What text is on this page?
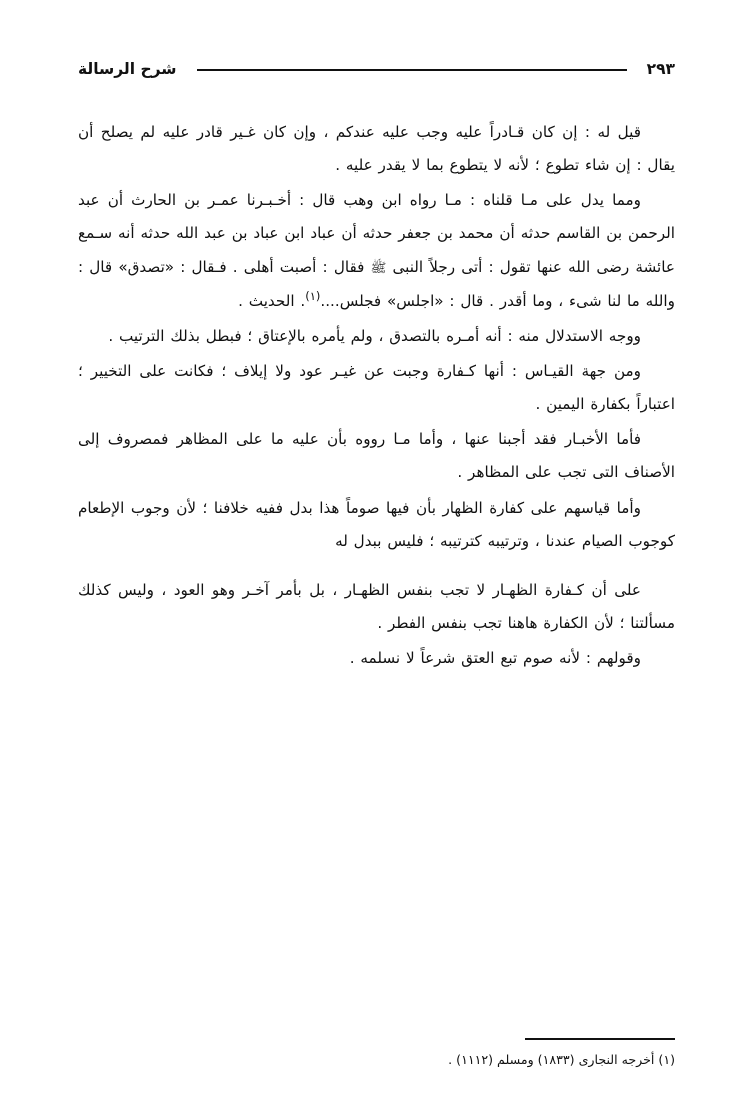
شرح الرسالة	٢٩٣

قيل له : إن كان قـادراً عليه وجب عليه عندكم ، وإن كان غـير قادر عليه لم يصلح أن يقال : إن شاء تطوع ؛ لأنه لا يتطوع بما لا يقدر عليه .

ومما يدل على مـا قلناه : مـا رواه ابن وهب قال : أخـبـرنا عمـر بن الحارث أن عبد الرحمن بن القاسم حدثه أن محمد بن جعفر حدثه أن عباد ابن عباد بن عبد الله حدثه أنه سـمع عائشة رضى الله عنها تقول : أتى رجلاً النبى ﷺ فقال : أصبت أهلى . فـقال : «تصدق» قال : والله ما لنا شىء ، وما أقدر . قال : «اجلس» فجلس....$^{(١)}$. الحديث .

ووجه الاستدلال منه : أنه أمـره بالتصدق ، ولم يأمره بالإعتاق ؛ فبطل بذلك الترتيب .

ومن جهة القيـاس : أنها كـفارة وجبت عن غيـر عود ولا إيلاف ؛ فكانت على التخيير ؛ اعتباراً بكفارة اليمين .

فأما الأخبـار فقد أجبنا عنها ، وأما مـا رووه بأن عليه ما على المظاهر فمصروف إلى الأصناف التى تجب على المظاهر .

وأما قياسهم على كفارة الظهار بأن فيها صوماً هذا بدل ففيه خلافنا ؛ لأن وجوب الإطعام كوجوب الصيام عندنا ، وترتيبه كترتيبه ؛ فليس ببدل له

على أن كـفارة الظهـار لا تجب بنفس الظهـار ، بل بأمر آخـر وهو العود ، وليس كذلك مسألتنا ؛ لأن الكفارة هاهنا تجب بنفس الفطر .

وقولهم : لأنه صوم تبع العتق شرعاً لا نسلمه .

(١) أخرجه النجارى (١٨٣٣) ومسلم (١١١٢) .
